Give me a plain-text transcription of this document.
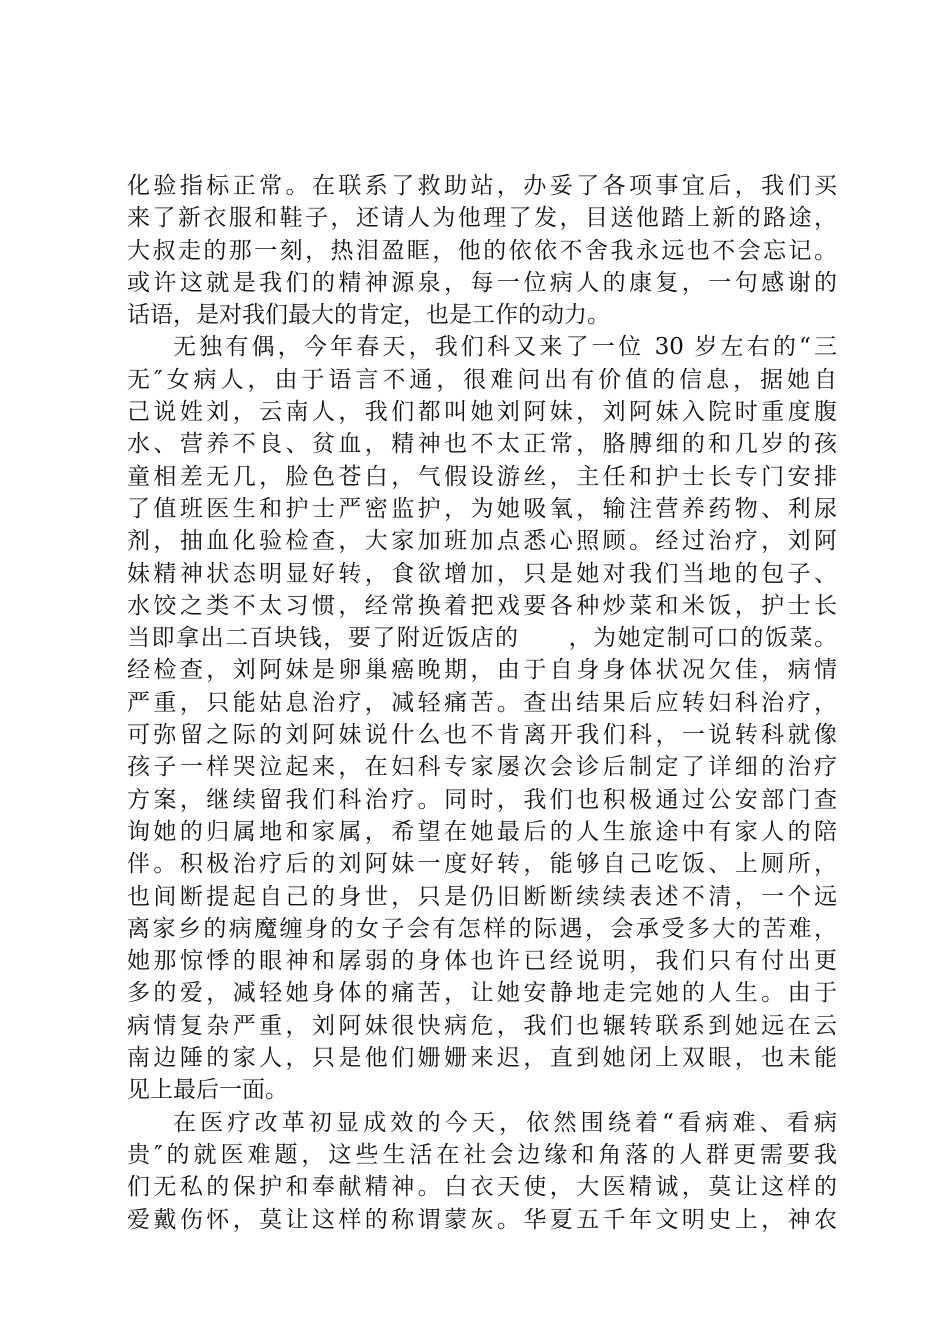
化验指标正常。在联系了救助站，办妥了各项事宜后，我们买
来了新衣服和鞋子，还请人为他理了发，目送他踏上新的路途，
大叔走的那一刻，热泪盈眶，他的依依不舍我永远也不会忘记。
或许这就是我们的精神源泉，每一位病人的康复，一句感谢的
话语，是对我们最大的肯定，也是工作的动力。
无独有偶，今年春天，我们科又来了一位 30 岁左右的“三
无″女病人，由于语言不通，很难问出有价值的信息，据她自
己说姓刘，云南人，我们都叫她刘阿妹，刘阿妹入院时重度腹
水、营养不良、贫血，精神也不太正常，胳膊细的和几岁的孩
童相差无几，脸色苍白，气假设游丝，主任和护士长专门安排
了值班医生和护士严密监护，为她吸氧，输注营养药物、利尿
剂，抽血化验检查，大家加班加点悉心照顾。经过治疗，刘阿
妹精神状态明显好转，食欲增加，只是她对我们当地的包子、
水饺之类不太习惯，经常换着把戏要各种炒菜和米饭，护士长
当即拿出二百块钱，要了附近饭店的　　，为她定制可口的饭菜。
经检查，刘阿妹是卵巢癌晚期，由于自身身体状况欠佳，病情
严重，只能姑息治疗，减轻痛苦。查出结果后应转妇科治疗，
可弥留之际的刘阿妹说什么也不肯离开我们科，一说转科就像
孩子一样哭泣起来，在妇科专家屡次会诊后制定了详细的治疗
方案，继续留我们科治疗。同时，我们也积极通过公安部门查
询她的归属地和家属，希望在她最后的人生旅途中有家人的陪
伴。积极治疗后的刘阿妹一度好转，能够自己吃饭、上厕所，
也间断提起自己的身世，只是仍旧断断续续表述不清，一个远
离家乡的病魔缠身的女子会有怎样的际遇，会承受多大的苦难，
她那惊悸的眼神和孱弱的身体也许已经说明，我们只有付出更
多的爱，减轻她身体的痛苦，让她安静地走完她的人生。由于
病情复杂严重，刘阿妹很快病危，我们也辗转联系到她远在云
南边陲的家人，只是他们姗姗来迟，直到她闭上双眼，也未能
见上最后一面。
在医疗改革初显成效的今天，依然围绕着“看病难、看病
贵″的就医难题，这些生活在社会边缘和角落的人群更需要我
们无私的保护和奉献精神。白衣天使，大医精诚，莫让这样的
爱戴伤怀，莫让这样的称谓蒙灰。华夏五千年文明史上，神农
